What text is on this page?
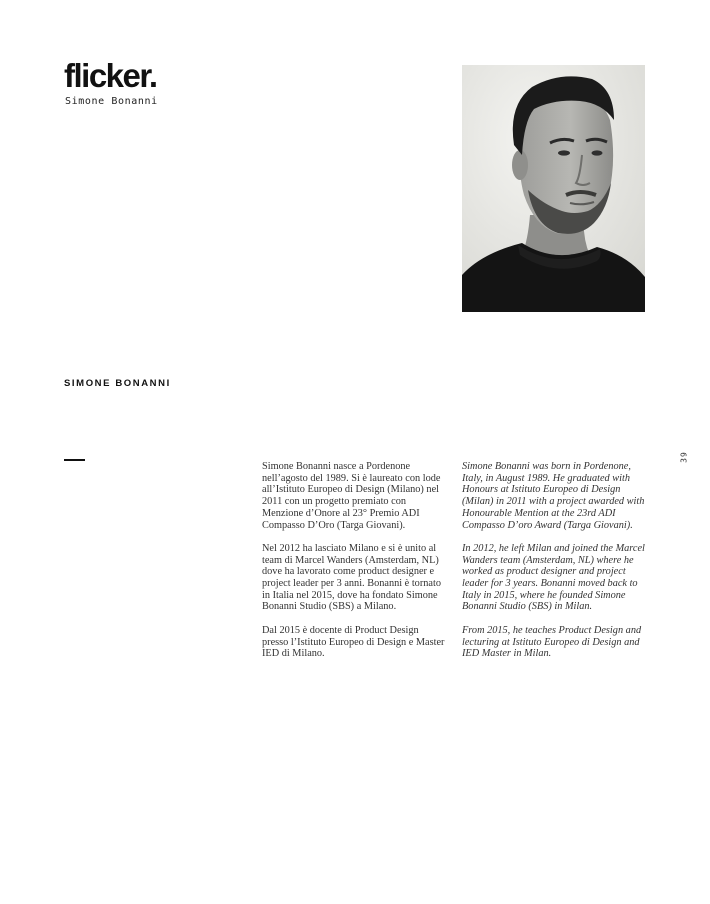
flicker.
Simone Bonanni
SIMONE BONANNI
39

Simone Bonanni nasce a Pordenone nell’agosto del 1989. Si è laureato con lode all’Istituto Europeo di Design (Milano) nel 2011 con un progetto premiato con Menzione d’Onore al 23° Premio ADI Compasso D’Oro (Targa Giovani).

Nel 2012 ha lasciato Milano e si è unito al team di Marcel Wanders (Amsterdam, NL) dove ha lavorato come product designer e project leader per 3 anni. Bonanni è tornato in Italia nel 2015, dove ha fondato Simone Bonanni Studio (SBS) a Milano.

Dal 2015 è docente di Product Design presso l’Istituto Europeo di Design e Master IED di Milano.

Simone Bonanni was born in Pordenone, Italy, in August 1989. He graduated with Honours at Istituto Europeo di Design (Milan) in 2011 with a project awarded with Honourable Mention at the 23rd ADI Compasso D’oro Award (Targa Giovani).

In 2012, he left Milan and joined the Marcel Wanders team (Amsterdam, NL) where he worked as product designer and project leader for 3 years. Bonanni moved back to Italy in 2015, where he founded Simone Bonanni Studio (SBS) in Milan.

From 2015, he teaches Product Design and lecturing at Istituto Europeo di Design and IED Master in Milan.
